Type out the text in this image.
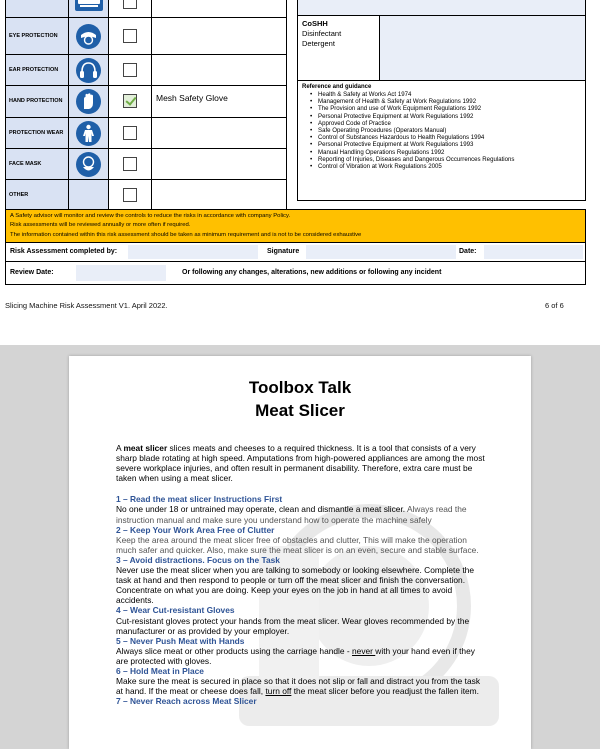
EYE PROTECTION	

EAR PROTECTION	

HAND PROTECTION			Mesh Safety Glove
PROTECTION WEAR	

FACE MASK	

OTHER			
CoSHH
Disinfectant
Detergent
Reference and guidance
• Health & Safety at Works Act 1974
• Management of Health & Safety at Work Regulations 1992
• The Provision and use of Work Equipment Regulations 1992
• Personal Protective Equipment at Work Regulations 1992
• Approved Code of Practice
• Safe Operating Procedures (Operators Manual)
• Control of Substances Hazardous to Health Regulations 1994
• Personal Protective Equipment at Work Regulations 1993
• Manual Handling Operations Regulations 1992
• Reporting of Injuries, Diseases and Dangerous Occurrences Regulations
• Control of Vibration at Work Regulations 2005
A Safety advisor will monitor and review the controls to reduce the risks in accordance with company Policy.
Risk assessments will be reviewed annually or more often if required.
The information contained within this risk assessment should be taken as minimum requirement and is not to be considered exhaustive
Risk Assessment completed by:	Signature	Date:
Review Date:	Or following any changes, alterations, new additions or following any incident
Slicing Machine Risk Assessment V1. April 2022.	6 of 6
Toolbox Talk
Meat Slicer

A meat slicer slices meats and cheeses to a required thickness. It is a tool that consists of a very sharp blade rotating at high speed. Amputations from high-powered appliances are among the most severe workplace injuries, and often result in permanent disability. Therefore, extra care must be taken when using a meat slicer.

1 – Read the meat slicer Instructions First

No one under 18 or untrained may operate, clean and dismantle a meat slicer. Always read the instruction manual and make sure you understand how to operate the machine safely

2 – Keep Your Work Area Free of Clutter

Keep the area around the meat slicer free of obstacles and clutter, This will make the operation much safer and quicker. Also, make sure the meat slicer is on an even, secure and stable surface.

3 – Avoid distractions. Focus on the Task

Never use the meat slicer when you are talking to somebody or looking elsewhere. Complete the task at hand and then respond to people or turn off the meat slicer and finish the conversation. Concentrate on what you are doing. Keep your eyes on the job in hand at all times to avoid accidents.

4 – Wear Cut-resistant Gloves

Cut-resistant gloves protect your hands from the meat slicer. Wear gloves recommended by the manufacturer or as provided by your employer.

5 – Never Push Meat with Hands

Always slice meat or other products using the carriage handle - never with your hand even if they are protected with gloves.

6 – Hold Meat in Place

Make sure the meat is secured in place so that it does not slip or fall and distract you from the task at hand. If the meat or cheese does fall, turn off the meat slicer before you readjust the fallen item.

7 – Never Reach across Meat Slicer
